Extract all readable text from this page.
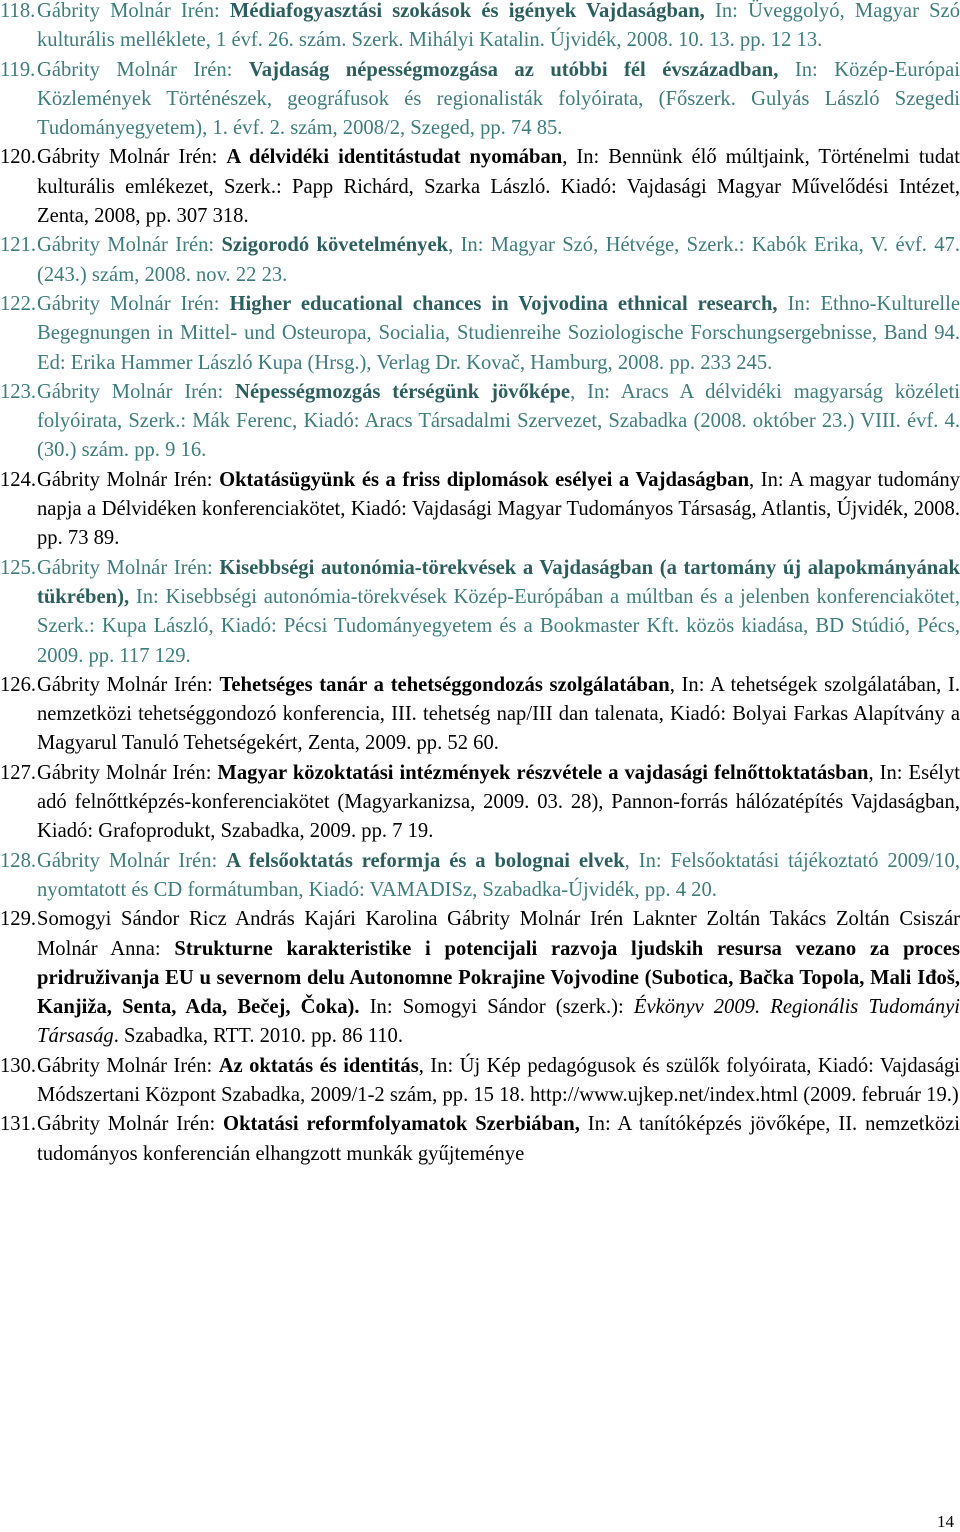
118. Gábrity Molnár Irén: Médiafogyasztási szokások és igények Vajdaságban, In: Üveggolyó, Magyar Szó kulturális melléklete, 1 évf. 26. szám. Szerk. Mihályi Katalin. Újvidék, 2008. 10. 13. pp. 12 13.
119. Gábrity Molnár Irén: Vajdaság népességmozgása az utóbbi fél évszázadban, In: Közép-Európai Közlemények Történészek, geográfusok és regionalisták folyóirata, (Főszerk. Gulyás László Szegedi Tudományegyetem), 1. évf. 2. szám, 2008/2, Szeged, pp. 74 85.
120. Gábrity Molnár Irén: A délvidéki identitástudat nyomában, In: Bennünk élő múltjaink, Történelmi tudat kulturális emlékezet, Szerk.: Papp Richárd, Szarka László. Kiadó: Vajdasági Magyar Művelődési Intézet, Zenta, 2008, pp. 307 318.
121. Gábrity Molnár Irén: Szigorodó követelmények, In: Magyar Szó, Hétvége, Szerk.: Kabók Erika, V. évf. 47. (243.) szám, 2008. nov. 22 23.
122. Gábrity Molnár Irén: Higher educational chances in Vojvodina ethnical research, In: Ethno-Kulturelle Begegnungen in Mittel- und Osteuropa, Socialia, Studienreihe Soziologische Forschungsergebnisse, Band 94. Ed: Erika Hammer László Kupa (Hrsg.), Verlag Dr. Kovač, Hamburg, 2008. pp. 233 245.
123. Gábrity Molnár Irén: Népességmozgás térségünk jövőképe, In: Aracs A délvidéki magyarság közéleti folyóirata, Szerk.: Mák Ferenc, Kiadó: Aracs Társadalmi Szervezet, Szabadka (2008. október 23.) VIII. évf. 4. (30.) szám. pp. 9 16.
124. Gábrity Molnár Irén: Oktatásügyünk és a friss diplomások esélyei a Vajdaságban, In: A magyar tudomány napja a Délvidéken konferenciakötet, Kiadó: Vajdasági Magyar Tudományos Társaság, Atlantis, Újvidék, 2008. pp. 73 89.
125. Gábrity Molnár Irén: Kisebbségi autonómia-törekvések a Vajdaságban (a tartomány új alapokmányának tükrében), In: Kisebbségi autonómia-törekvések Közép-Európában a múltban és a jelenben konferenciakötet, Szerk.: Kupa László, Kiadó: Pécsi Tudományegyetem és a Bookmaster Kft. közös kiadása, BD Stúdió, Pécs, 2009. pp. 117 129.
126. Gábrity Molnár Irén: Tehetséges tanár a tehetséggondozás szolgálatában, In: A tehetségek szolgálatában, I. nemzetközi tehetséggondozó konferencia, III. tehetség nap/III dan talenata, Kiadó: Bolyai Farkas Alapítvány a Magyarul Tanuló Tehetségekért, Zenta, 2009. pp. 52 60.
127. Gábrity Molnár Irén: Magyar közoktatási intézmények részvétele a vajdasági felnőttoktatásban, In: Esélyt adó felnőttképzés-konferenciakötet (Magyarkanizsa, 2009. 03. 28), Pannon-forrás hálózatépítés Vajdaságban, Kiadó: Grafoprodukt, Szabadka, 2009. pp. 7 19.
128. Gábrity Molnár Irén: A felsőoktatás reformja és a bolognai elvek, In: Felsőoktatási tájékoztató 2009/10, nyomtatott és CD formátumban, Kiadó: VAMADISz, Szabadka-Újvidék, pp. 4 20.
129. Somogyi Sándor Ricz András Kajári Karolina Gábrity Molnár Irén Laknter Zoltán Takács Zoltán Csiszár Molnár Anna: Strukturne karakteristike i potencijali razvoja ljudskih resursa vezano za proces pridruživanja EU u severnom delu Autonomne Pokrajine Vojvodine (Subotica, Bačka Topola, Mali Iđoš, Kanjiža, Senta, Ada, Bečej, Čoka). In: Somogyi Sándor (szerk.): Évkönyv 2009. Regionális Tudományi Társaság. Szabadka, RTT. 2010. pp. 86 110.
130. Gábrity Molnár Irén: Az oktatás és identitás, In: Új Kép pedagógusok és szülők folyóirata, Kiadó: Vajdasági Módszertani Központ Szabadka, 2009/1-2 szám, pp. 15 18. http://www.ujkep.net/index.html (2009. február 19.)
131. Gábrity Molnár Irén: Oktatási reformfolyamatok Szerbiában, In: A tanítóképzés jövőképe, II. nemzetközi tudományos konferencián elhangzott munkák gyűjteménye
14
